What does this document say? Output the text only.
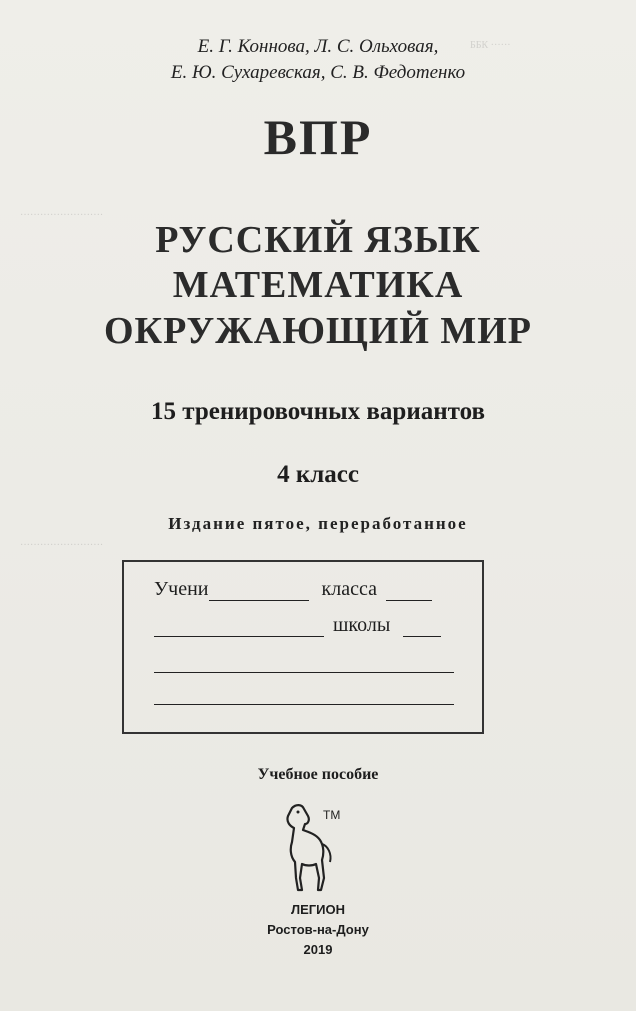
ББК ······
·························
·························
Е. Г. Коннова, Л. С. Ольховая,
Е. Ю. Сухаревская, С. В. Федотенко
ВПР
РУССКИЙ ЯЗЫК
МАТЕМАТИКА
ОКРУЖАЮЩИЙ МИР
15 тренировочных вариантов
4 класс
Издание пятое, переработанное
Учени	класса
школы
Учебное пособие
ТМ
ЛЕГИОН
Ростов-на-Дону
2019
